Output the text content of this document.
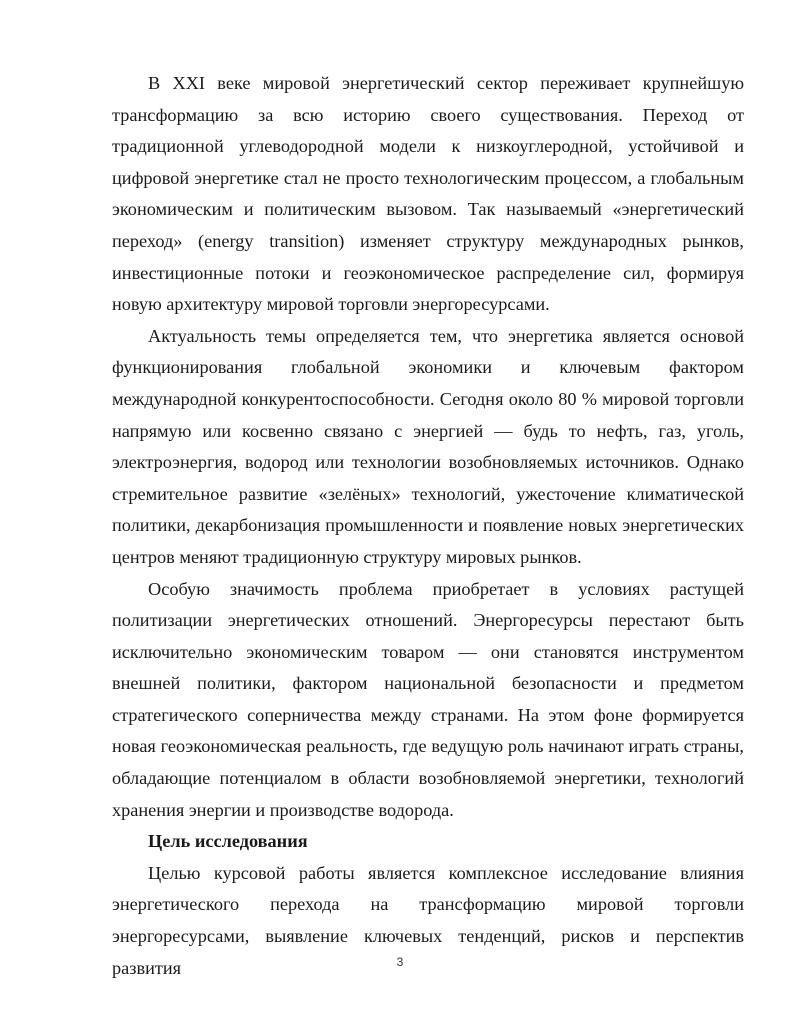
В XXI веке мировой энергетический сектор переживает крупнейшую трансформацию за всю историю своего существования. Переход от традиционной углеводородной модели к низкоуглеродной, устойчивой и цифровой энергетике стал не просто технологическим процессом, а глобальным экономическим и политическим вызовом. Так называемый «энергетический переход» (energy transition) изменяет структуру международных рынков, инвестиционные потоки и геоэкономическое распределение сил, формируя новую архитектуру мировой торговли энергоресурсами.

Актуальность темы определяется тем, что энергетика является основой функционирования глобальной экономики и ключевым фактором международной конкурентоспособности. Сегодня около 80 % мировой торговли напрямую или косвенно связано с энергией — будь то нефть, газ, уголь, электроэнергия, водород или технологии возобновляемых источников. Однако стремительное развитие «зелёных» технологий, ужесточение климатической политики, декарбонизация промышленности и появление новых энергетических центров меняют традиционную структуру мировых рынков.

Особую значимость проблема приобретает в условиях растущей политизации энергетических отношений. Энергоресурсы перестают быть исключительно экономическим товаром — они становятся инструментом внешней политики, фактором национальной безопасности и предметом стратегического соперничества между странами. На этом фоне формируется новая геоэкономическая реальность, где ведущую роль начинают играть страны, обладающие потенциалом в области возобновляемой энергетики, технологий хранения энергии и производстве водорода.

Цель исследования

Целью курсовой работы является комплексное исследование влияния энергетического перехода на трансформацию мировой торговли энергоресурсами, выявление ключевых тенденций, рисков и перспектив развития	3
